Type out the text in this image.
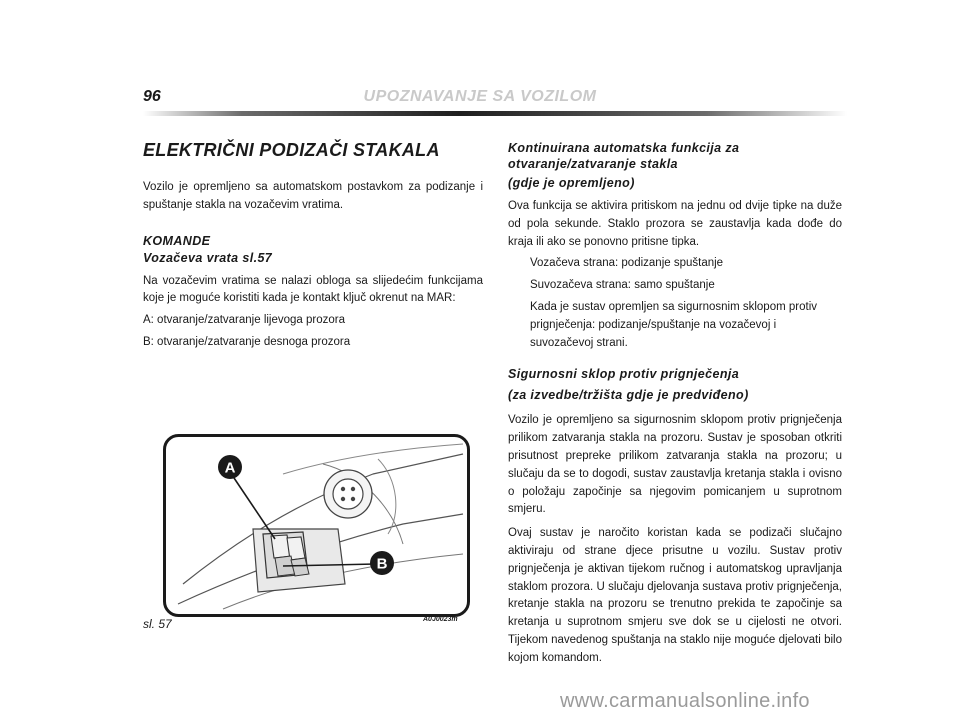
96	UPOZNAVANJE SA VOZILOM
ELEKTRIČNI PODIZAČI STAKALA

Vozilo je opremljeno sa automatskom postavkom za podizanje i spuštanje stakla na vozačevim vratima.

KOMANDE
Vozačeva vrata sl.57

Na vozačevim vratima se nalazi obloga sa slijedećim funkcijama koje je moguće koristiti kada je kontakt ključ okrenut na MAR:

A: otvaranje/zatvaranje lijevoga prozora

B: otvaranje/zatvaranje desnoga prozora

A
B
sl. 57	A0J0023m
Kontinuirana automatska funkcija za otvaranje/zatvaranje stakla
(gdje je opremljeno)

Ova funkcija se aktivira pritiskom na jednu od dvije tipke na duže od pola sekunde. Staklo prozora se zaustavlja kada dođe do kraja ili ako se ponovno pritisne tipka.

Vozačeva strana: podizanje spuštanje

Suvozačeva strana: samo spuštanje

Kada je sustav opremljen sa sigurnosnim sklopom protiv prignječenja: podizanje/spuštanje na vozačevoj i suvozačevoj strani.

Sigurnosni sklop protiv prignječenja
(za izvedbe/tržišta gdje je predviđeno)

Vozilo je opremljeno sa sigurnosnim sklopom protiv prignječenja prilikom zatvaranja stakla na prozoru. Sustav je sposoban otkriti prisutnost prepreke prilikom zatvaranja stakla na prozoru; u slučaju da se to dogodi, sustav zaustavlja kretanja stakla i ovisno o položaju započinje sa njegovim pomicanjem u suprotnom smjeru.

Ovaj sustav je naročito koristan kada se podizači slučajno aktiviraju od strane djece prisutne u vozilu. Sustav protiv prignječenja je aktivan tijekom ručnog i automatskog upravljanja staklom prozora. U slučaju djelovanja sustava protiv prignječenja, kretanje stakla na prozoru se trenutno prekida te započinje sa kretanja u suprotnom smjeru sve dok se u cijelosti ne otvori. Tijekom navedenog spuštanja na staklo nije moguće djelovati bilo kojom komandom.

www.carmanualsonline.info
